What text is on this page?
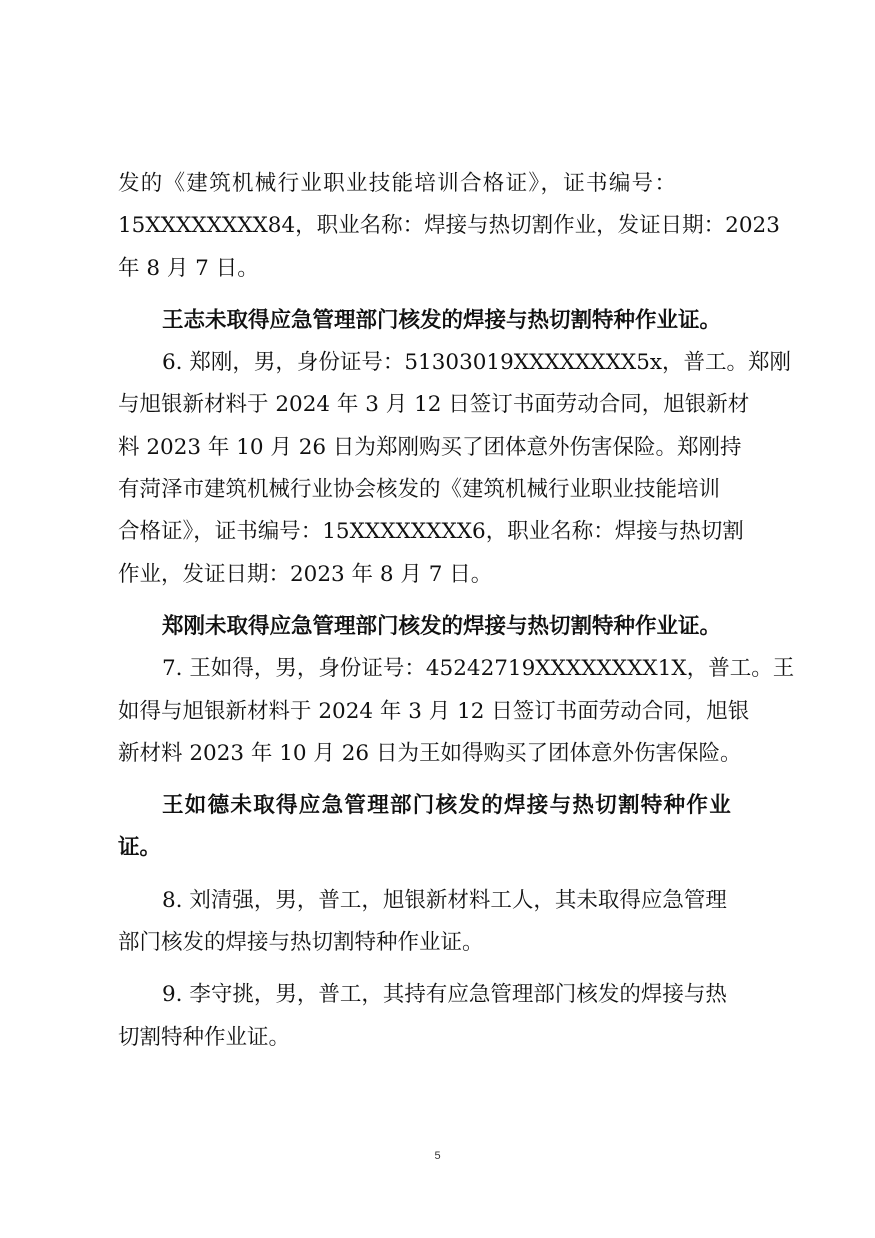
发的《建筑机械行业职业技能培训合格证》，证书编号：
15XXXXXXXX84，职业名称：焊接与热切割作业，发证日期：2023
年 8 月 7 日。
王志未取得应急管理部门核发的焊接与热切割特种作业证。
6. 郑刚，男，身份证号：51303019XXXXXXXX5x，普工。郑刚
与旭银新材料于 2024 年 3 月 12 日签订书面劳动合同，旭银新材
料 2023 年 10 月 26 日为郑刚购买了团体意外伤害保险。郑刚持
有菏泽市建筑机械行业协会核发的《建筑机械行业职业技能培训
合格证》，证书编号：15XXXXXXXX6，职业名称：焊接与热切割
作业，发证日期：2023 年 8 月 7 日。
郑刚未取得应急管理部门核发的焊接与热切割特种作业证。
7. 王如得，男，身份证号：45242719XXXXXXXX1X，普工。王
如得与旭银新材料于 2024 年 3 月 12 日签订书面劳动合同，旭银
新材料 2023 年 10 月 26 日为王如得购买了团体意外伤害保险。
王如德未取得应急管理部门核发的焊接与热切割特种作业
证。
8. 刘清强，男，普工，旭银新材料工人，其未取得应急管理
部门核发的焊接与热切割特种作业证。
9. 李守挑，男，普工，其持有应急管理部门核发的焊接与热
切割特种作业证。
5
